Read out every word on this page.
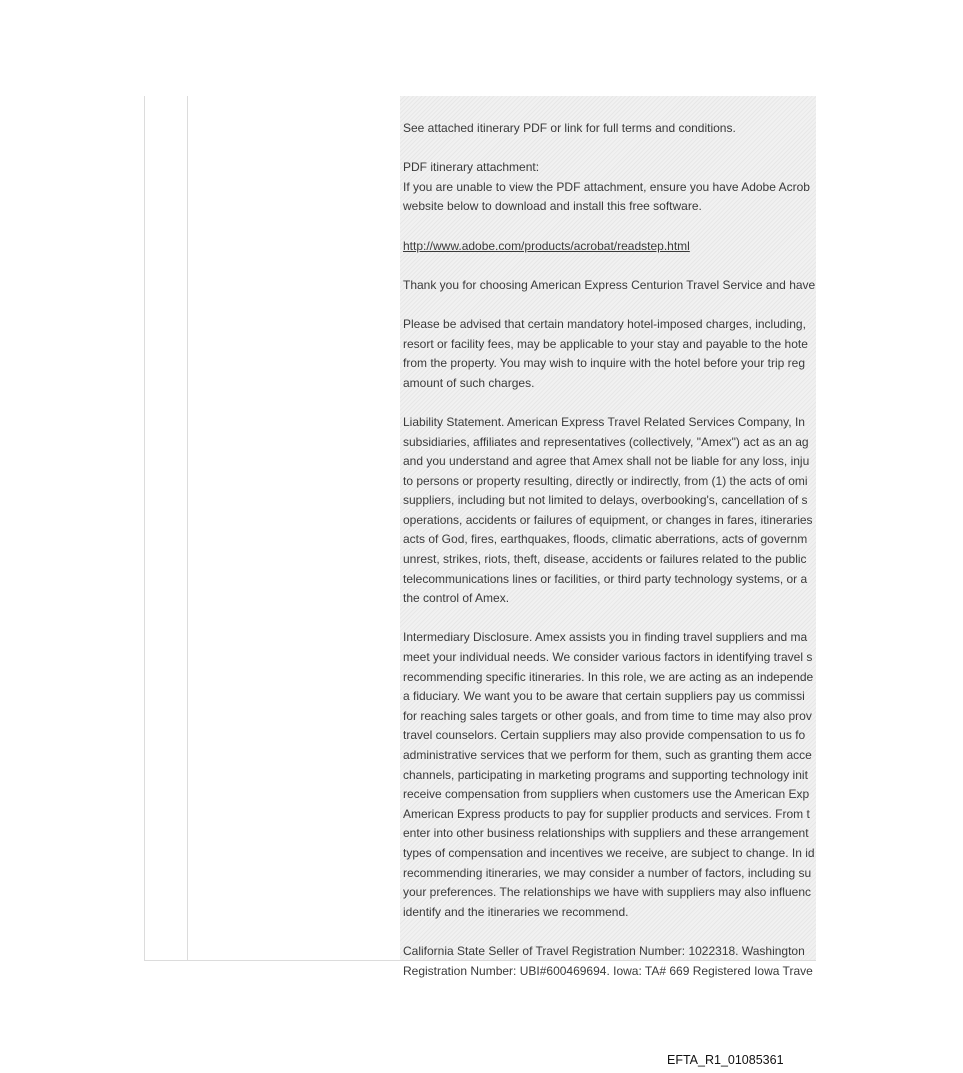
See attached itinerary PDF or link for full terms and conditions.
PDF itinerary attachment:
If you are unable to view the PDF attachment, ensure you have Adobe Acrob
website below to download and install this free software.
http://www.adobe.com/products/acrobat/readstep.html
Thank you for choosing American Express Centurion Travel Service and have
Please be advised that certain mandatory hotel-imposed charges, including,
resort or facility fees, may be applicable to your stay and payable to the hote
from the property. You may wish to inquire with the hotel before your trip reg
amount of such charges.
Liability Statement. American Express Travel Related Services Company, In
subsidiaries, affiliates and representatives (collectively, "Amex") act as an ag
and you understand and agree that Amex shall not be liable for any loss, inju
to persons or property resulting, directly or indirectly, from (1) the acts of omi
suppliers, including but not limited to delays, overbooking's, cancellation of s
operations, accidents or failures of equipment, or changes in fares, itineraries
acts of God, fires, earthquakes, floods, climatic aberrations, acts of governm
unrest, strikes, riots, theft, disease, accidents or failures related to the public
telecommunications lines or facilities, or third party technology systems, or a
the control of Amex.
Intermediary Disclosure. Amex assists you in finding travel suppliers and ma
meet your individual needs. We consider various factors in identifying travel s
recommending specific itineraries. In this role, we are acting as an independe
a fiduciary. We want you to be aware that certain suppliers pay us commissi
for reaching sales targets or other goals, and from time to time may also prov
travel counselors. Certain suppliers may also provide compensation to us fo
administrative services that we perform for them, such as granting them acce
channels, participating in marketing programs and supporting technology init
receive compensation from suppliers when customers use the American Exp
American Express products to pay for supplier products and services. From t
enter into other business relationships with suppliers and these arrangement
types of compensation and incentives we receive, are subject to change. In id
recommending itineraries, we may consider a number of factors, including su
your preferences. The relationships we have with suppliers may also influenc
identify and the itineraries we recommend.
California State Seller of Travel Registration Number: 1022318. Washington
Registration Number: UBI#600469694. Iowa: TA# 669 Registered Iowa Trave
EFTA_R1_01085361
